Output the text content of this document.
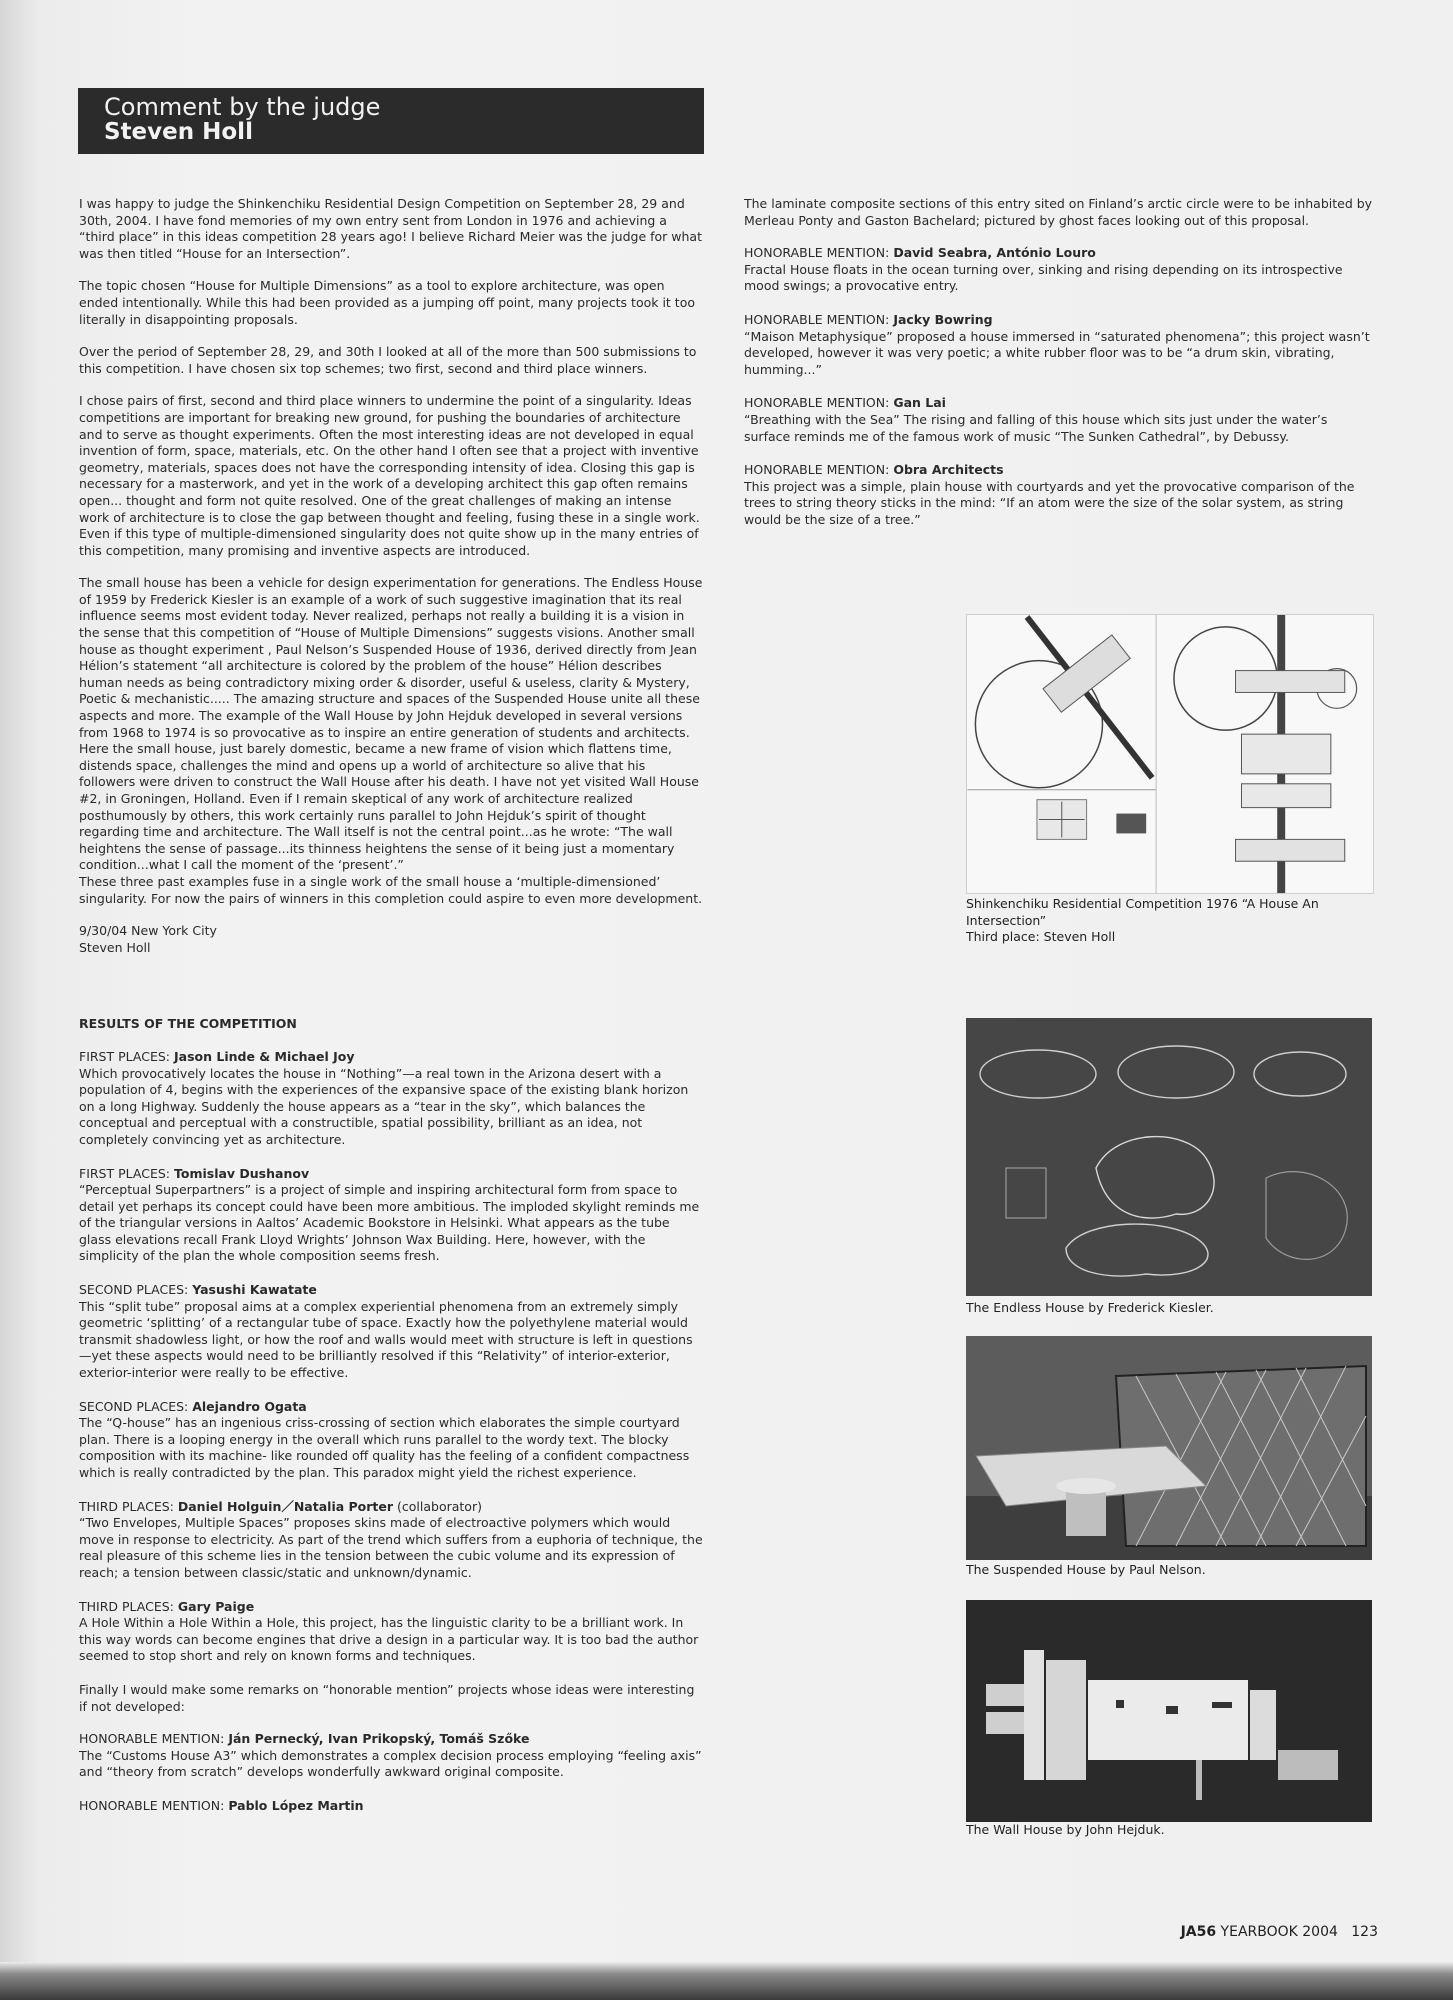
Comment by the judge
Steven Holl

I was happy to judge the Shinkenchiku Residential Design Competition on September 28, 29 and 30th, 2004. I have fond memories of my own entry sent from London in 1976 and achieving a “third place” in this ideas competition 28 years ago! I believe Richard Meier was the judge for what was then titled “House for an Intersection”.

The topic chosen “House for Multiple Dimensions” as a tool to explore architecture, was open ended intentionally. While this had been provided as a jumping off point, many projects took it too literally in disappointing proposals.

Over the period of September 28, 29, and 30th I looked at all of the more than 500 submissions to this competition. I have chosen six top schemes; two first, second and third place winners.

I chose pairs of first, second and third place winners to undermine the point of a singularity. Ideas competitions are important for breaking new ground, for pushing the boundaries of architecture and to serve as thought experiments. Often the most interesting ideas are not developed in equal invention of form, space, materials, etc. On the other hand I often see that a project with inventive geometry, materials, spaces does not have the corresponding intensity of idea. Closing this gap is necessary for a masterwork, and yet in the work of a developing architect this gap often remains open... thought and form not quite resolved. One of the great challenges of making an intense work of architecture is to close the gap between thought and feeling, fusing these in a single work. Even if this type of multiple-dimensioned singularity does not quite show up in the many entries of this competition, many promising and inventive aspects are introduced.

The small house has been a vehicle for design experimentation for generations. The Endless House of 1959 by Frederick Kiesler is an example of a work of such suggestive imagination that its real influence seems most evident today. Never realized, perhaps not really a building it is a vision in the sense that this competition of “House of Multiple Dimensions” suggests visions. Another small house as thought experiment , Paul Nelson’s Suspended House of 1936, derived directly from Jean Hélion’s statement “all architecture is colored by the problem of the house” Hélion describes human needs as being contradictory mixing order & disorder, useful & useless, clarity & Mystery, Poetic & mechanistic..... The amazing structure and spaces of the Suspended House unite all these aspects and more. The example of the Wall House by John Hejduk developed in several versions from 1968 to 1974 is so provocative as to inspire an entire generation of students and architects. Here the small house, just barely domestic, became a new frame of vision which flattens time, distends space, challenges the mind and opens up a world of architecture so alive that his followers were driven to construct the Wall House after his death. I have not yet visited Wall House #2, in Groningen, Holland. Even if I remain skeptical of any work of architecture realized posthumously by others, this work certainly runs parallel to John Hejduk’s spirit of thought regarding time and architecture. The Wall itself is not the central point...as he wrote: “The wall heightens the sense of passage...its thinness heightens the sense of it being just a momentary condition...what I call the moment of the ‘present’.”

These three past examples fuse in a single work of the small house a ‘multiple-dimensioned’ singularity. For now the pairs of winners in this completion could aspire to even more development.

9/30/04 New York City
Steven Holl

RESULTS OF THE COMPETITION
FIRST PLACES: Jason Linde & Michael Joy
Which provocatively locates the house in “Nothing”—a real town in the Arizona desert with a population of 4, begins with the experiences of the expansive space of the existing blank horizon on a long Highway. Suddenly the house appears as a “tear in the sky”, which balances the conceptual and perceptual with a constructible, spatial possibility, brilliant as an idea, not completely convincing yet as architecture.
FIRST PLACES: Tomislav Dushanov
“Perceptual Superpartners” is a project of simple and inspiring architectural form from space to detail yet perhaps its concept could have been more ambitious. The imploded skylight reminds me of the triangular versions in Aaltos’ Academic Bookstore in Helsinki. What appears as the tube glass elevations recall Frank Lloyd Wrights’ Johnson Wax Building. Here, however, with the simplicity of the plan the whole composition seems fresh.
SECOND PLACES: Yasushi Kawatate
This “split tube” proposal aims at a complex experiential phenomena from an extremely simply geometric ‘splitting’ of a rectangular tube of space. Exactly how the polyethylene material would transmit shadowless light, or how the roof and walls would meet with structure is left in questions—yet these aspects would need to be brilliantly resolved if this “Relativity” of interior-exterior, exterior-interior were really to be effective.
SECOND PLACES: Alejandro Ogata
The “Q-house” has an ingenious criss-crossing of section which elaborates the simple courtyard plan. There is a looping energy in the overall which runs parallel to the wordy text. The blocky composition with its machine- like rounded off quality has the feeling of a confident compactness which is really contradicted by the plan. This paradox might yield the richest experience.
THIRD PLACES: Daniel Holguin／Natalia Porter (collaborator)
“Two Envelopes, Multiple Spaces” proposes skins made of electroactive polymers which would move in response to electricity. As part of the trend which suffers from a euphoria of technique, the real pleasure of this scheme lies in the tension between the cubic volume and its expression of reach; a tension between classic/static and unknown/dynamic.
THIRD PLACES: Gary Paige
A Hole Within a Hole Within a Hole, this project, has the linguistic clarity to be a brilliant work. In this way words can become engines that drive a design in a particular way. It is too bad the author seemed to stop short and rely on known forms and techniques.

Finally I would make some remarks on “honorable mention” projects whose ideas were interesting if not developed:

HONORABLE MENTION: Ján Pernecký, Ivan Prikopský, Tomáš Szőke
The “Customs House A3” which demonstrates a complex decision process employing “feeling axis” and “theory from scratch” develops wonderfully awkward original composite.
HONORABLE MENTION: Pablo López Martin

The laminate composite sections of this entry sited on Finland’s arctic circle were to be inhabited by Merleau Ponty and Gaston Bachelard; pictured by ghost faces looking out of this proposal.

HONORABLE MENTION: David Seabra, António Louro
Fractal House floats in the ocean turning over, sinking and rising depending on its introspective mood swings; a provocative entry.
HONORABLE MENTION: Jacky Bowring
“Maison Metaphysique” proposed a house immersed in “saturated phenomena”; this project wasn’t developed, however it was very poetic; a white rubber floor was to be “a drum skin, vibrating, humming...”
HONORABLE MENTION: Gan Lai
“Breathing with the Sea” The rising and falling of this house which sits just under the water’s surface reminds me of the famous work of music “The Sunken Cathedral”, by Debussy.
HONORABLE MENTION: Obra Architects
This project was a simple, plain house with courtyards and yet the provocative comparison of the trees to string theory sticks in the mind: “If an atom were the size of the solar system, as string would be the size of a tree.”
Shinkenchiku Residential Competition 1976 “A House An Intersection”
Third place: Steven Holl
The Endless House by Frederick Kiesler.
The Suspended House by Paul Nelson.
The Wall House by John Hejduk.
JA56 YEARBOOK 2004 123
